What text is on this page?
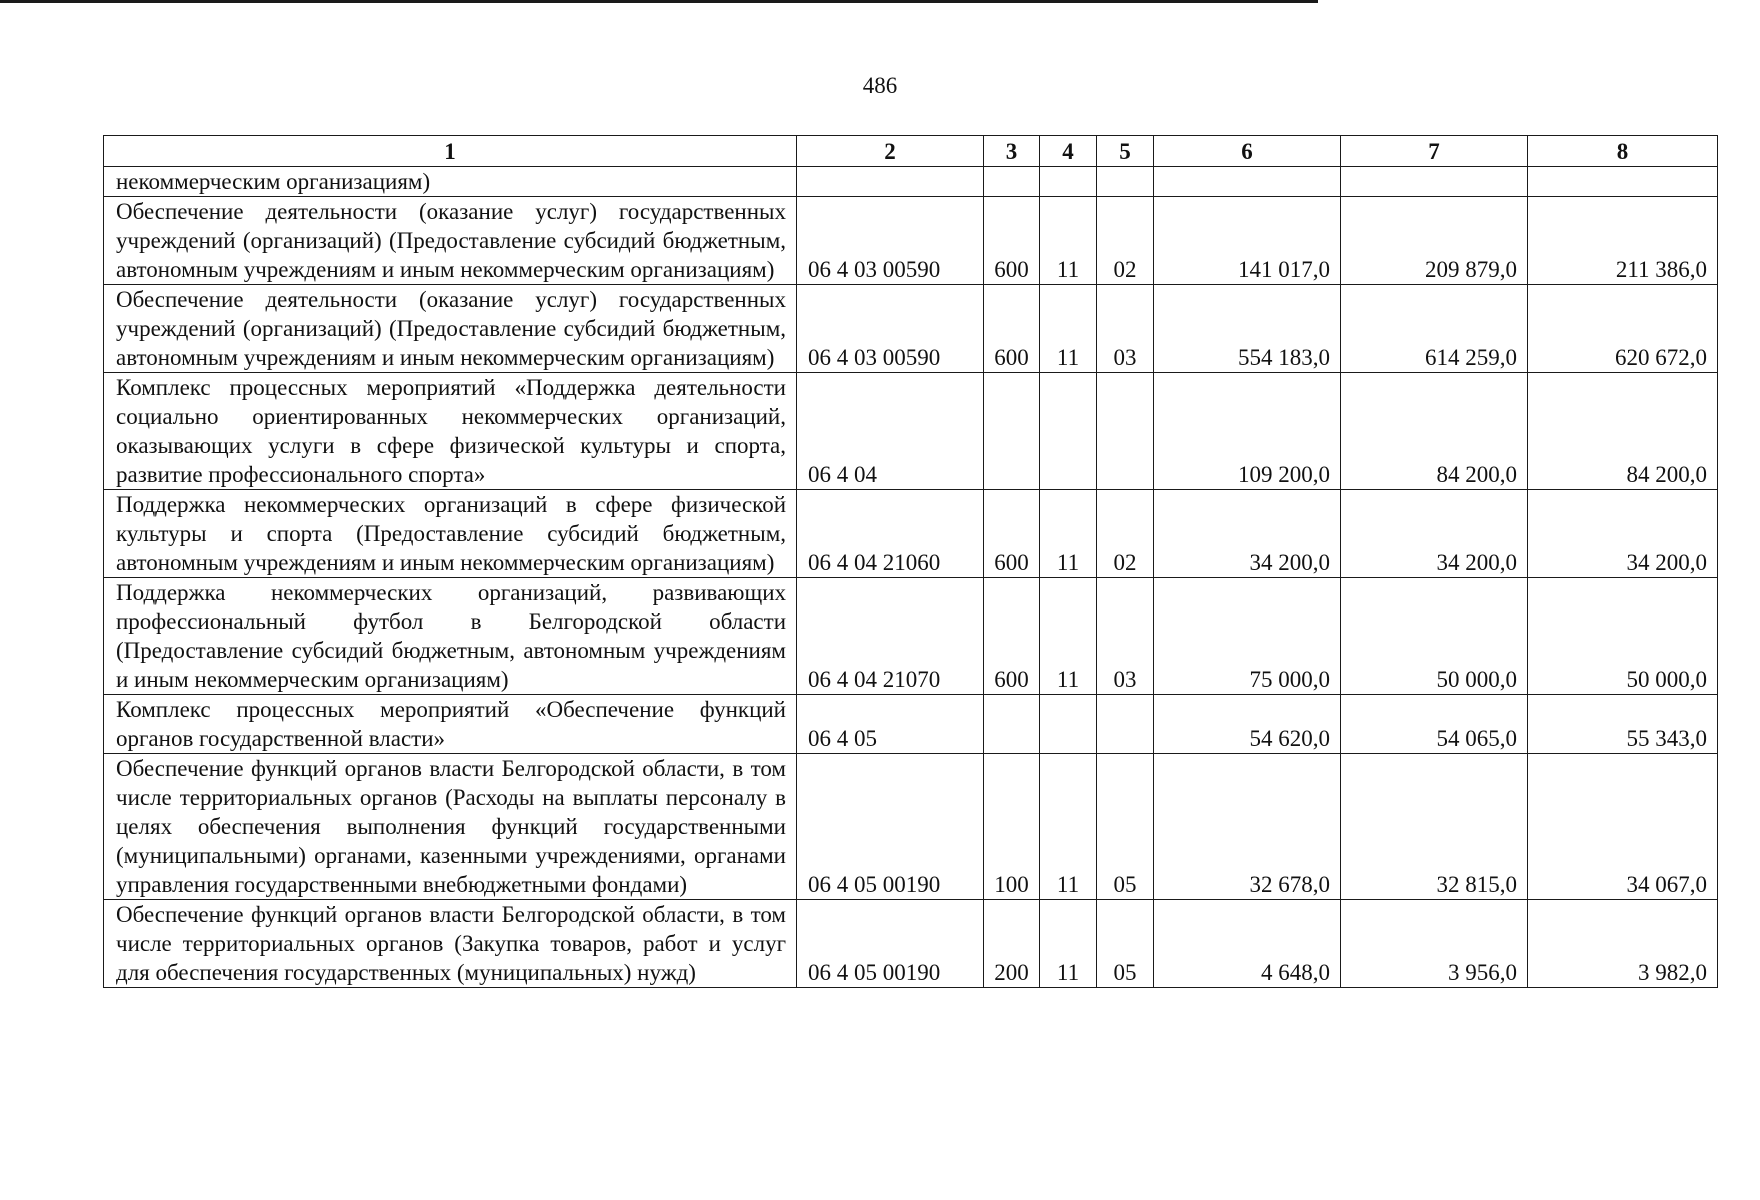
486
1	2	3	4	5	6	7	8
некоммерческим организациям)							
Обеспечение деятельности (оказание услуг) государственных учреждений (организаций) (Предоставление субсидий бюджетным, автономным учреждениям и иным некоммерческим организациям)	06 4 03 00590	600	11	02	141 017,0	209 879,0	211 386,0
Обеспечение деятельности (оказание услуг) государственных учреждений (организаций) (Предоставление субсидий бюджетным, автономным учреждениям и иным некоммерческим организациям)	06 4 03 00590	600	11	03	554 183,0	614 259,0	620 672,0
Комплекс процессных мероприятий «Поддержка деятельности социально ориентированных некоммерческих организаций, оказывающих услуги в сфере физической культуры и спорта, развитие профессионального спорта»	06 4 04				109 200,0	84 200,0	84 200,0
Поддержка некоммерческих организаций в сфере физической культуры и спорта (Предоставление субсидий бюджетным, автономным учреждениям и иным некоммерческим организациям)	06 4 04 21060	600	11	02	34 200,0	34 200,0	34 200,0
Поддержка некоммерческих организаций, развивающих профессиональный футбол в Белгородской области (Предоставление субсидий бюджетным, автономным учреждениям и иным некоммерческим организациям)	06 4 04 21070	600	11	03	75 000,0	50 000,0	50 000,0
Комплекс процессных мероприятий «Обеспечение функций органов государственной власти»	06 4 05				54 620,0	54 065,0	55 343,0
Обеспечение функций органов власти Белгородской области, в том числе территориальных органов (Расходы на выплаты персоналу в целях обеспечения выполнения функций государственными (муниципальными) органами, казенными учреждениями, органами управления государственными внебюджетными фондами)	06 4 05 00190	100	11	05	32 678,0	32 815,0	34 067,0
Обеспечение функций органов власти Белгородской области, в том числе территориальных органов (Закупка товаров, работ и услуг для обеспечения государственных (муниципальных) нужд)	06 4 05 00190	200	11	05	4 648,0	3 956,0	3 982,0
